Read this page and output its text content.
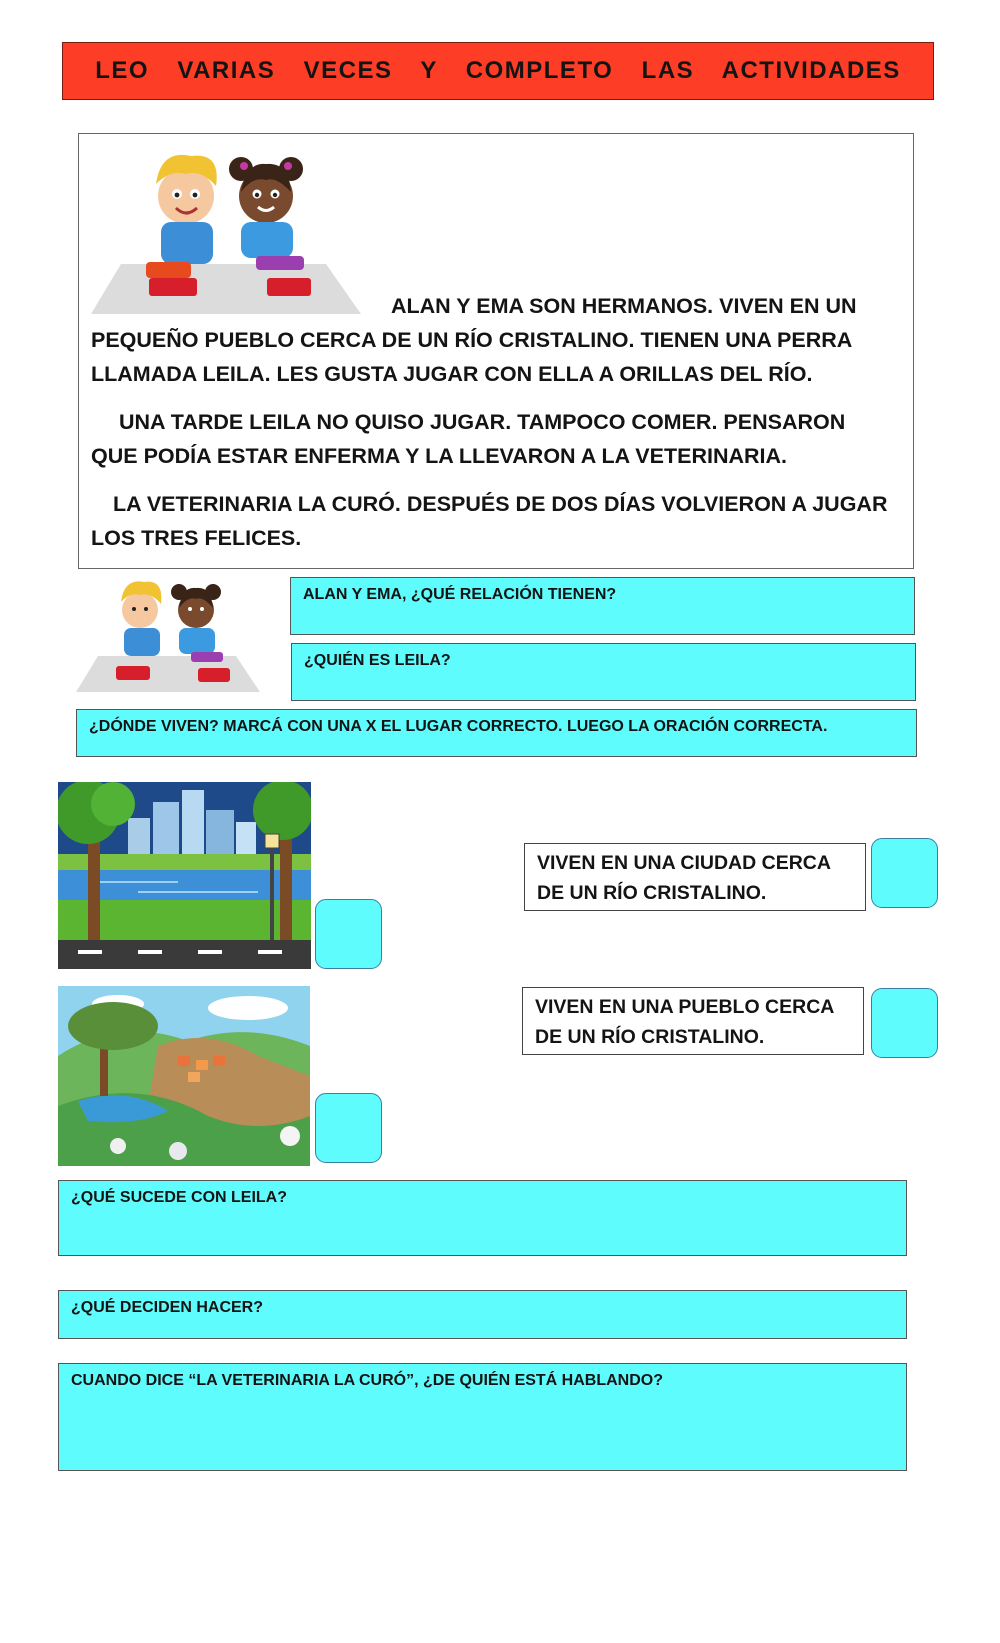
LEO  VARIAS  VECES  Y  COMPLETO  LAS  ACTIVIDADES

ALAN Y EMA SON HERMANOS. VIVEN EN UN

PEQUEÑO PUEBLO CERCA DE UN RÍO CRISTALINO. TIENEN UNA PERRA LLAMADA LEILA. LES GUSTA JUGAR CON ELLA A ORILLAS DEL RÍO.

UNA TARDE LEILA NO QUISO JUGAR. TAMPOCO COMER. PENSARON QUE PODÍA ESTAR ENFERMA Y LA LLEVARON A LA VETERINARIA.

LA VETERINARIA LA CURÓ. DESPUÉS DE DOS DÍAS VOLVIERON A JUGAR LOS TRES FELICES.

ALAN Y EMA, ¿QUÉ RELACIÓN TIENEN?
¿QUIÉN ES LEILA?
¿DÓNDE VIVEN? MARCÁ CON UNA X EL LUGAR CORRECTO. LUEGO LA ORACIÓN CORRECTA.
VIVEN EN UNA CIUDAD CERCA DE UN RÍO CRISTALINO.
VIVEN EN UNA PUEBLO CERCA DE UN RÍO CRISTALINO.
¿QUÉ SUCEDE CON LEILA?
¿QUÉ DECIDEN HACER?
CUANDO DICE “LA VETERINARIA LA CURÓ”, ¿DE QUIÉN ESTÁ HABLANDO?
